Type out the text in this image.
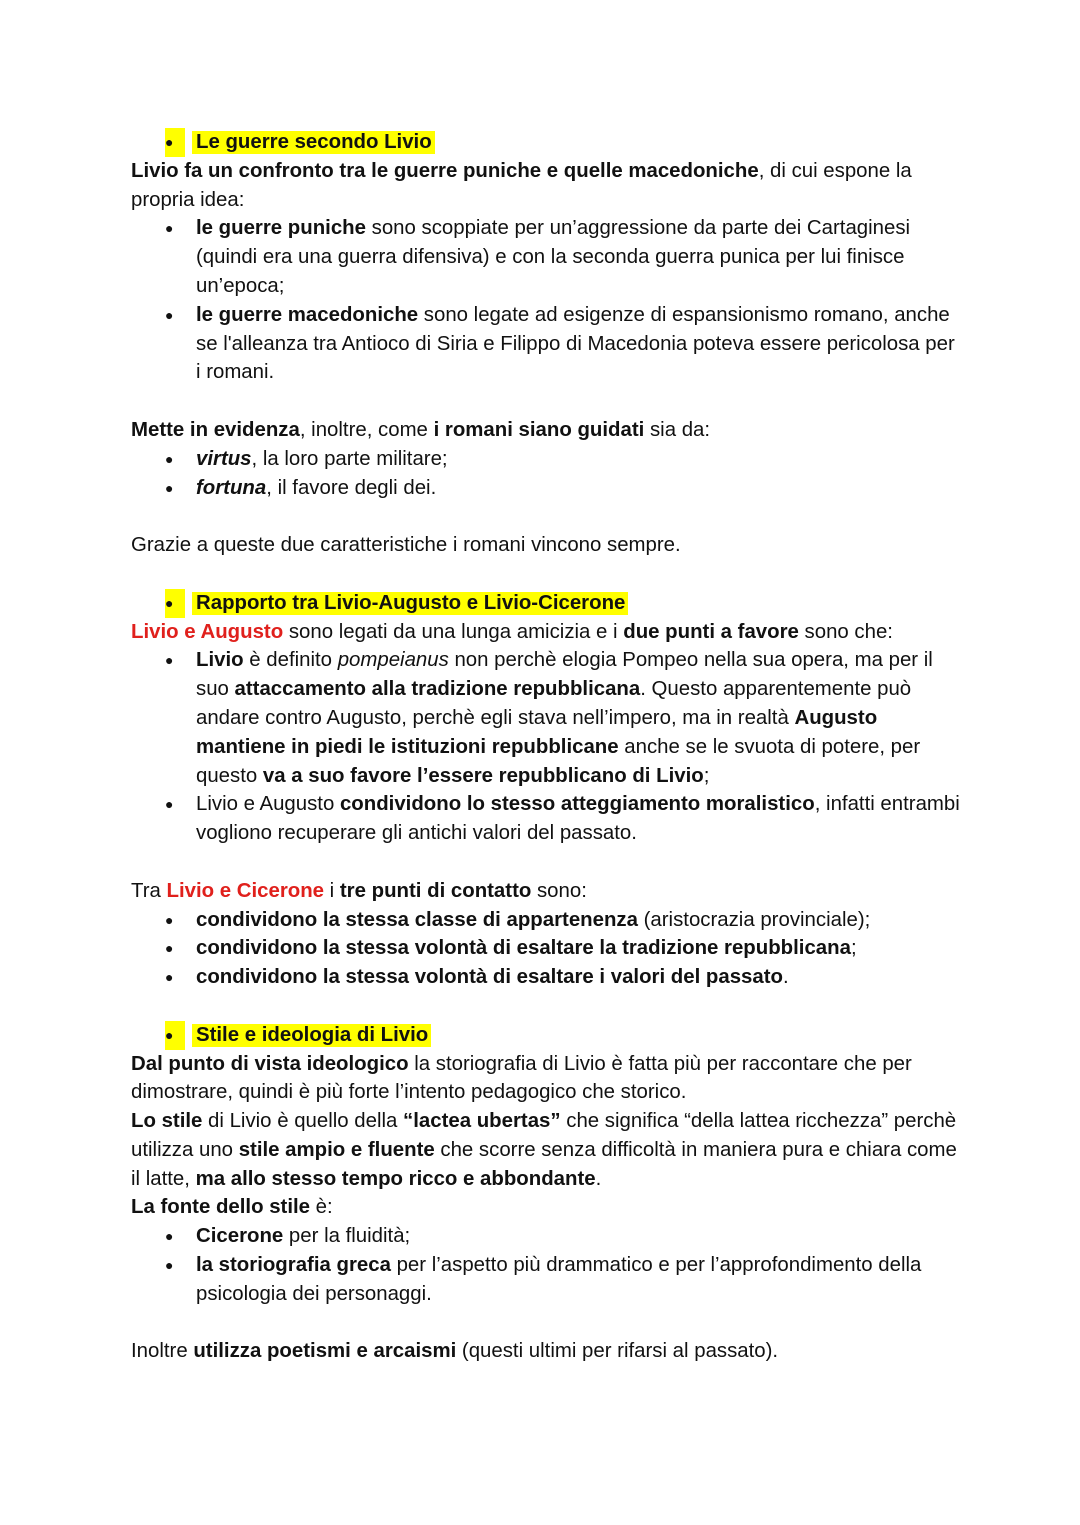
● Le guerre secondo Livio

Livio fa un confronto tra le guerre puniche e quelle macedoniche, di cui espone la propria idea:

● le guerre puniche sono scoppiate per un’aggressione da parte dei Cartaginesi (quindi era una guerra difensiva) e con la seconda guerra punica per lui finisce un’epoca;
● le guerre macedoniche sono legate ad esigenze di espansionismo romano, anche se l'alleanza tra Antioco di Siria e Filippo di Macedonia poteva essere pericolosa per i romani.

Mette in evidenza, inoltre, come i romani siano guidati sia da:

● virtus, la loro parte militare;
● fortuna, il favore degli dei.

Grazie a queste due caratteristiche i romani vincono sempre.

● Rapporto tra Livio-Augusto e Livio-Cicerone

Livio e Augusto sono legati da una lunga amicizia e i due punti a favore sono che:

● Livio è definito pompeianus non perchè elogia Pompeo nella sua opera, ma per il suo attaccamento alla tradizione repubblicana. Questo apparentemente può andare contro Augusto, perchè egli stava nell’impero, ma in realtà Augusto mantiene in piedi le istituzioni repubblicane anche se le svuota di potere, per questo va a suo favore l’essere repubblicano di Livio;
● Livio e Augusto condividono lo stesso atteggiamento moralistico, infatti entrambi vogliono recuperare gli antichi valori del passato.

Tra Livio e Cicerone i tre punti di contatto sono:

● condividono la stessa classe di appartenenza (aristocrazia provinciale);
● condividono la stessa volontà di esaltare la tradizione repubblicana;
● condividono la stessa volontà di esaltare i valori del passato.

● Stile e ideologia di Livio

Dal punto di vista ideologico la storiografia di Livio è fatta più per raccontare che per dimostrare, quindi è più forte l’intento pedagogico che storico.

Lo stile di Livio è quello della “lactea ubertas” che significa “della lattea ricchezza” perchè utilizza uno stile ampio e fluente che scorre senza difficoltà in maniera pura e chiara come il latte, ma allo stesso tempo ricco e abbondante.

La fonte dello stile è:

● Cicerone per la fluidità;
● la storiografia greca per l’aspetto più drammatico e per l’approfondimento della psicologia dei personaggi.

Inoltre utilizza poetismi e arcaismi (questi ultimi per rifarsi al passato).
